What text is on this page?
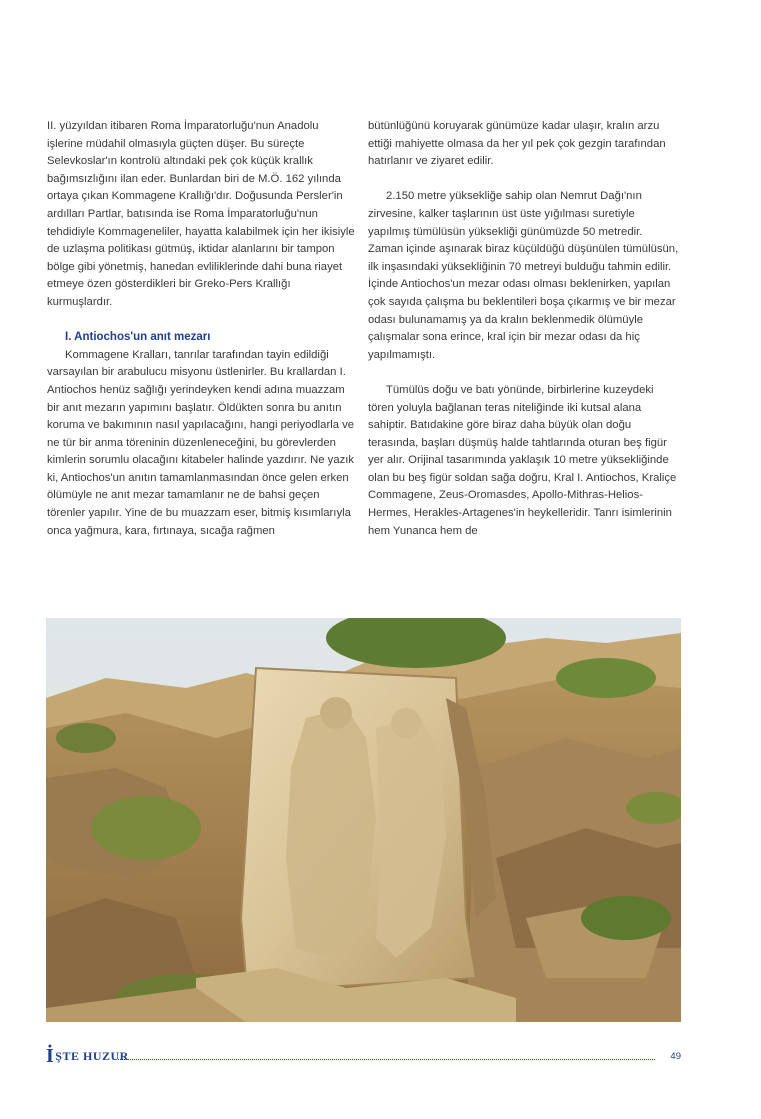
II. yüzyıldan itibaren Roma İmparatorluğu'nun Anadolu işlerine müdahil olmasıyla güçten düşer. Bu süreçte Selevkoslar'ın kontrolü altındaki pek çok küçük krallık bağımsızlığını ilan eder. Bunlardan biri de M.Ö. 162 yılında ortaya çıkan Kommagene Krallığı'dır. Doğusunda Persler'in ardılları Partlar, batısında ise Roma İmparatorluğu'nun tehdidiyle Kommageneliler, hayatta kalabilmek için her ikisiyle de uzlaşma politikası gütmüş, iktidar alanlarını bir tampon bölge gibi yönetmiş, hanedan evliliklerinde dahi buna riayet etmeye özen gösterdikleri bir Greko-Pers Krallığı kurmuşlardır.

I. Antiochos'un anıt mezarı

Kommagene Kralları, tanrılar tarafından tayin edildiği varsayılan bir arabulucu misyonu üstlenirler. Bu krallardan I. Antiochos henüz sağlığı yerindeyken kendi adına muazzam bir anıt mezarın yapımını başlatır. Öldükten sonra bu anıtın koruma ve bakımının nasıl yapılacağını, hangi periyodlarla ve ne tür bir anma töreninin düzenleneceğini, bu görevlerden kimlerin sorumlu olacağını kitabeler halinde yazdırır. Ne yazık ki, Antiochos'un anıtın tamamlanmasından önce gelen erken ölümüyle ne anıt mezar tamamlanır ne de bahsi geçen törenler yapılır. Yine de bu muazzam eser, bitmiş kısımlarıyla onca yağmura, kara, fırtınaya, sıcağa rağmen

bütünlüğünü koruyarak günümüze kadar ulaşır, kralın arzu ettiği mahiyette olmasa da her yıl pek çok gezgin tarafından hatırlanır ve ziyaret edilir.

2.150 metre yüksekliğe sahip olan Nemrut Dağı'nın zirvesine, kalker taşlarının üst üste yığılması suretiyle yapılmış tümülüsün yüksekliği günümüzde 50 metredir. Zaman içinde aşınarak biraz küçüldüğü düşünülen tümülüsün, ilk inşasındaki yüksekliğinin 70 metreyi bulduğu tahmin edilir. İçinde Antiochos'un mezar odası olması beklenirken, yapılan çok sayıda çalışma bu beklentileri boşa çıkarmış ve bir mezar odası bulunamamış ya da kralın beklenmedik ölümüyle çalışmalar sona erince, kral için bir mezar odası da hiç yapılmamıştı.

Tümülüs doğu ve batı yönünde, birbirlerine kuzeydeki tören yoluyla bağlanan teras niteliğinde iki kutsal alana sahiptir. Batıdakine göre biraz daha büyük olan doğu terasında, başları düşmüş halde tahtlarında oturan beş figür yer alır. Orijinal tasarımında yaklaşık 10 metre yüksekliğinde olan bu beş figür soldan sağa doğru, Kral I. Antiochos, Kraliçe Commagene, Zeus-Oromasdes, Apollo-Mithras-Helios-Hermes, Herakles-Artagenes'in heykelleridir. Tanrı isimlerinin hem Yunanca hem de

İ ŞTE HUZUR	49
